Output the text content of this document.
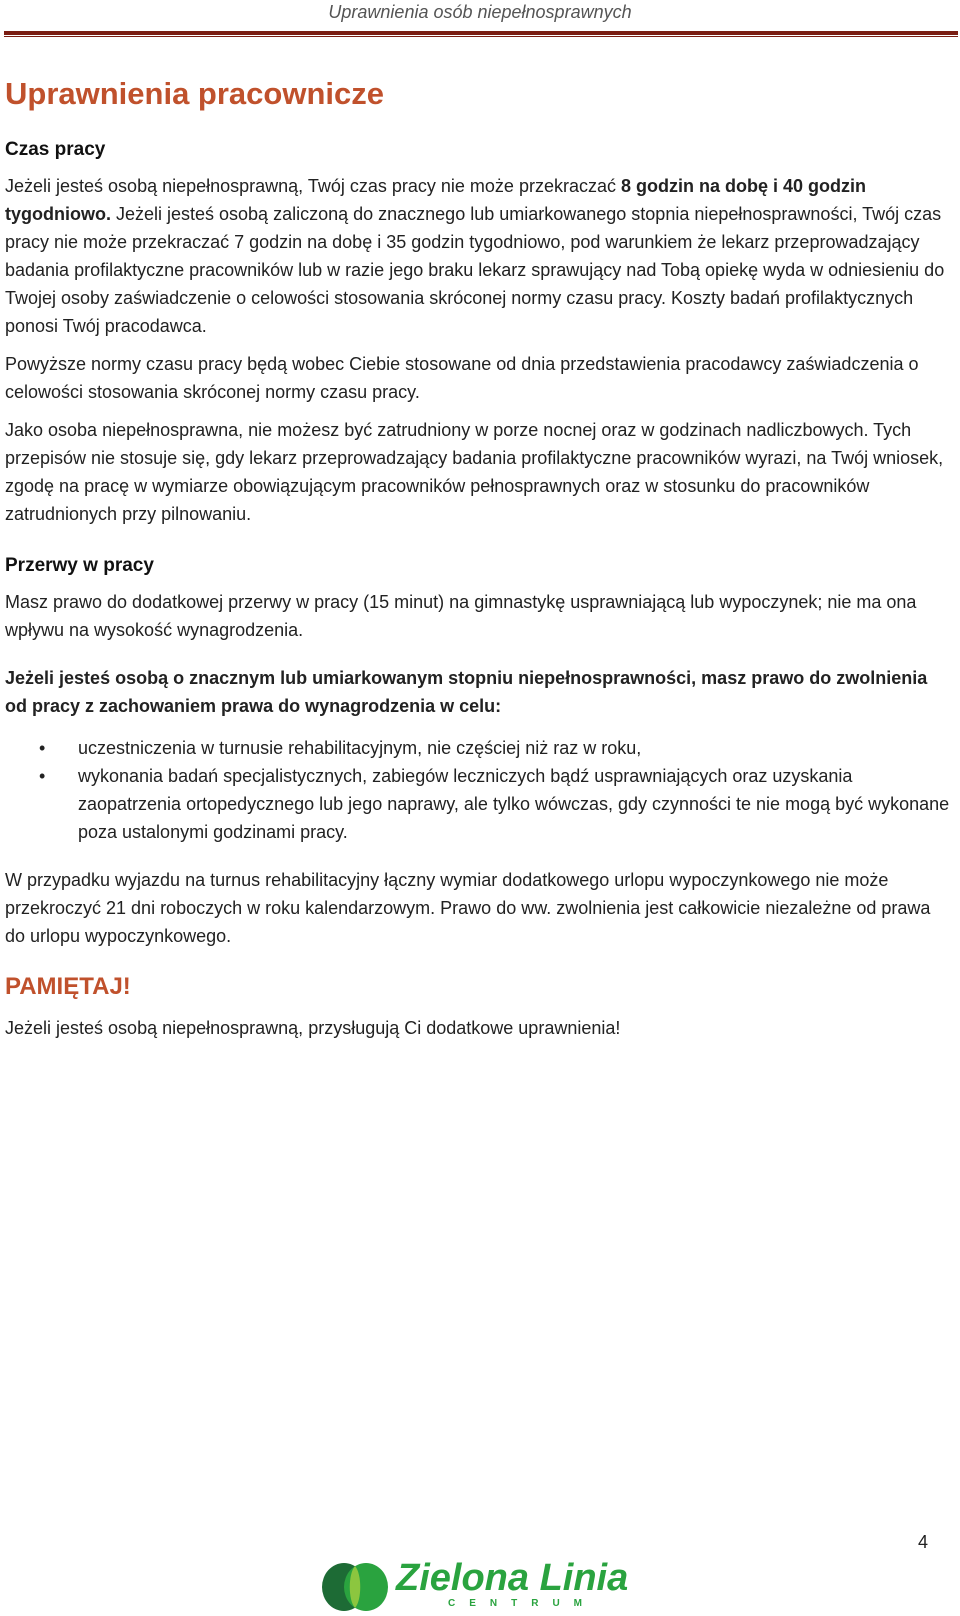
Uprawnienia osób niepełnosprawnych
Uprawnienia pracownicze
Czas pracy

Jeżeli jesteś osobą niepełnosprawną, Twój czas pracy nie może przekraczać 8 godzin na dobę i 40 godzin tygodniowo. Jeżeli jesteś osobą zaliczoną do znacznego lub umiarkowanego stopnia niepełnosprawności, Twój czas pracy nie może przekraczać 7 godzin na dobę i 35 godzin tygodniowo, pod warunkiem że lekarz przeprowadzający badania profilaktyczne pracowników lub w razie jego braku lekarz sprawujący nad Tobą opiekę wyda w odniesieniu do Twojej osoby zaświadczenie o celowości stosowania skróconej normy czasu pracy. Koszty badań profilaktycznych ponosi Twój pracodawca.

Powyższe normy czasu pracy będą wobec Ciebie stosowane od dnia przedstawienia pracodawcy zaświadczenia o celowości stosowania skróconej normy czasu pracy.

Jako osoba niepełnosprawna, nie możesz być zatrudniony w porze nocnej oraz w godzinach nadliczbowych. Tych przepisów nie stosuje się, gdy lekarz przeprowadzający badania profilaktyczne pracowników wyrazi, na Twój wniosek, zgodę na pracę w wymiarze obowiązującym pracowników pełnosprawnych oraz w stosunku do pracowników zatrudnionych przy pilnowaniu.

Przerwy w pracy

Masz prawo do dodatkowej przerwy w pracy (15 minut) na gimnastykę usprawniającą lub wypoczynek; nie ma ona wpływu na wysokość wynagrodzenia.

Jeżeli jesteś osobą o znacznym lub umiarkowanym stopniu niepełnosprawności, masz prawo do zwolnienia od pracy z zachowaniem prawa do wynagrodzenia w celu:

• uczestniczenia w turnusie rehabilitacyjnym, nie częściej niż raz w roku,
• wykonania badań specjalistycznych, zabiegów leczniczych bądź usprawniających oraz uzyskania zaopatrzenia ortopedycznego lub jego naprawy, ale tylko wówczas, gdy czynności te nie mogą być wykonane poza ustalonymi godzinami pracy.

W przypadku wyjazdu na turnus rehabilitacyjny łączny wymiar dodatkowego urlopu wypoczynkowego nie może przekroczyć 21 dni roboczych w roku kalendarzowym. Prawo do ww. zwolnienia jest całkowicie niezależne od prawa do urlopu wypoczynkowego.

PAMIĘTAJ!

Jeżeli jesteś osobą niepełnosprawną, przysługują Ci dodatkowe uprawnienia!

4
Zielona Linia
CENTRUM
